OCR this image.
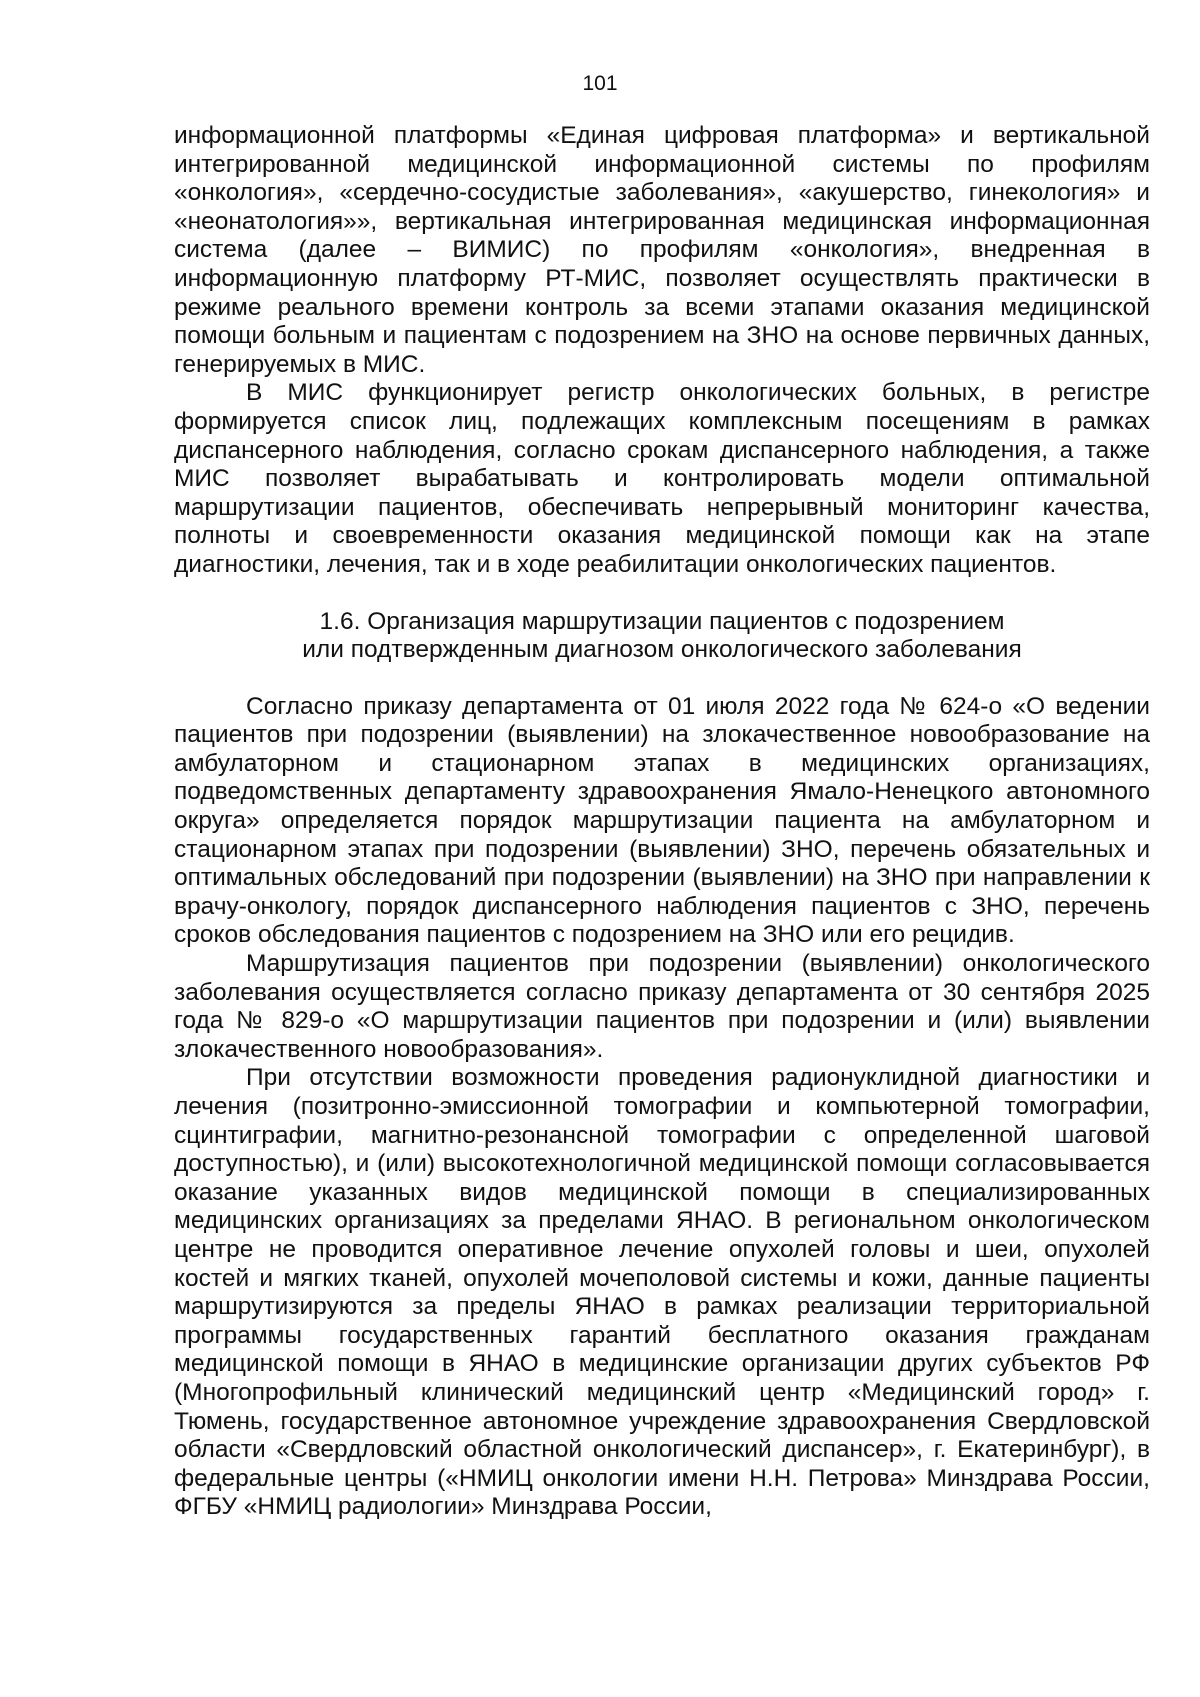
101

информационной платформы «Единая цифровая платформа» и вертикальной интегрированной медицинской информационной системы по профилям «онкология», «сердечно-сосудистые заболевания», «акушерство, гинекология» и «неонатология»», вертикальная интегрированная медицинская информационная система (далее – ВИМИС) по профилям «онкология», внедренная в информационную платформу РТ-МИС, позволяет осуществлять практически в режиме реального времени контроль за всеми этапами оказания медицинской помощи больным и пациентам с подозрением на ЗНО на основе первичных данных, генерируемых в МИС.

В МИС функционирует регистр онкологических больных, в регистре формируется список лиц, подлежащих комплексным посещениям в рамках диспансерного наблюдения, согласно срокам диспансерного наблюдения, а также МИС позволяет вырабатывать и контролировать модели оптимальной маршрутизации пациентов, обеспечивать непрерывный мониторинг качества, полноты и своевременности оказания медицинской помощи как на этапе диагностики, лечения, так и в ходе реабилитации онкологических пациентов.

1.6. Организация маршрутизации пациентов с подозрением
или подтвержденным диагнозом онкологического заболевания

Согласно приказу департамента от 01 июля 2022 года № 624-о «О ведении пациентов при подозрении (выявлении) на злокачественное новообразование на амбулаторном и стационарном этапах в медицинских организациях, подведомственных департаменту здравоохранения Ямало-Ненецкого автономного округа» определяется порядок маршрутизации пациента на амбулаторном и стационарном этапах при подозрении (выявлении) ЗНО, перечень обязательных и оптимальных обследований при подозрении (выявлении) на ЗНО при направлении к врачу-онкологу, порядок диспансерного наблюдения пациентов с ЗНО, перечень сроков обследования пациентов с подозрением на ЗНО или его рецидив.

Маршрутизация пациентов при подозрении (выявлении) онкологического заболевания осуществляется согласно приказу департамента от 30 сентября 2025 года № 829-о «О маршрутизации пациентов при подозрении и (или) выявлении злокачественного новообразования».

При отсутствии возможности проведения радионуклидной диагностики и лечения (позитронно-эмиссионной томографии и компьютерной томографии, сцинтиграфии, магнитно-резонансной томографии с определенной шаговой доступностью), и (или) высокотехнологичной медицинской помощи согласовывается оказание указанных видов медицинской помощи в специализированных медицинских организациях за пределами ЯНАО. В региональном онкологическом центре не проводится оперативное лечение опухолей головы и шеи, опухолей костей и мягких тканей, опухолей мочеполовой системы и кожи, данные пациенты маршрутизируются за пределы ЯНАО в рамках реализации территориальной программы государственных гарантий бесплатного оказания гражданам медицинской помощи в ЯНАО в медицинские организации других субъектов РФ (Многопрофильный клинический медицинский центр «Медицинский город» г. Тюмень, государственное автономное учреждение здравоохранения Свердловской области «Свердловский областной онкологический диспансер», г. Екатеринбург), в федеральные центры («НМИЦ онкологии имени Н.Н. Петрова» Минздрава России, ФГБУ «НМИЦ радиологии» Минздрава России,
